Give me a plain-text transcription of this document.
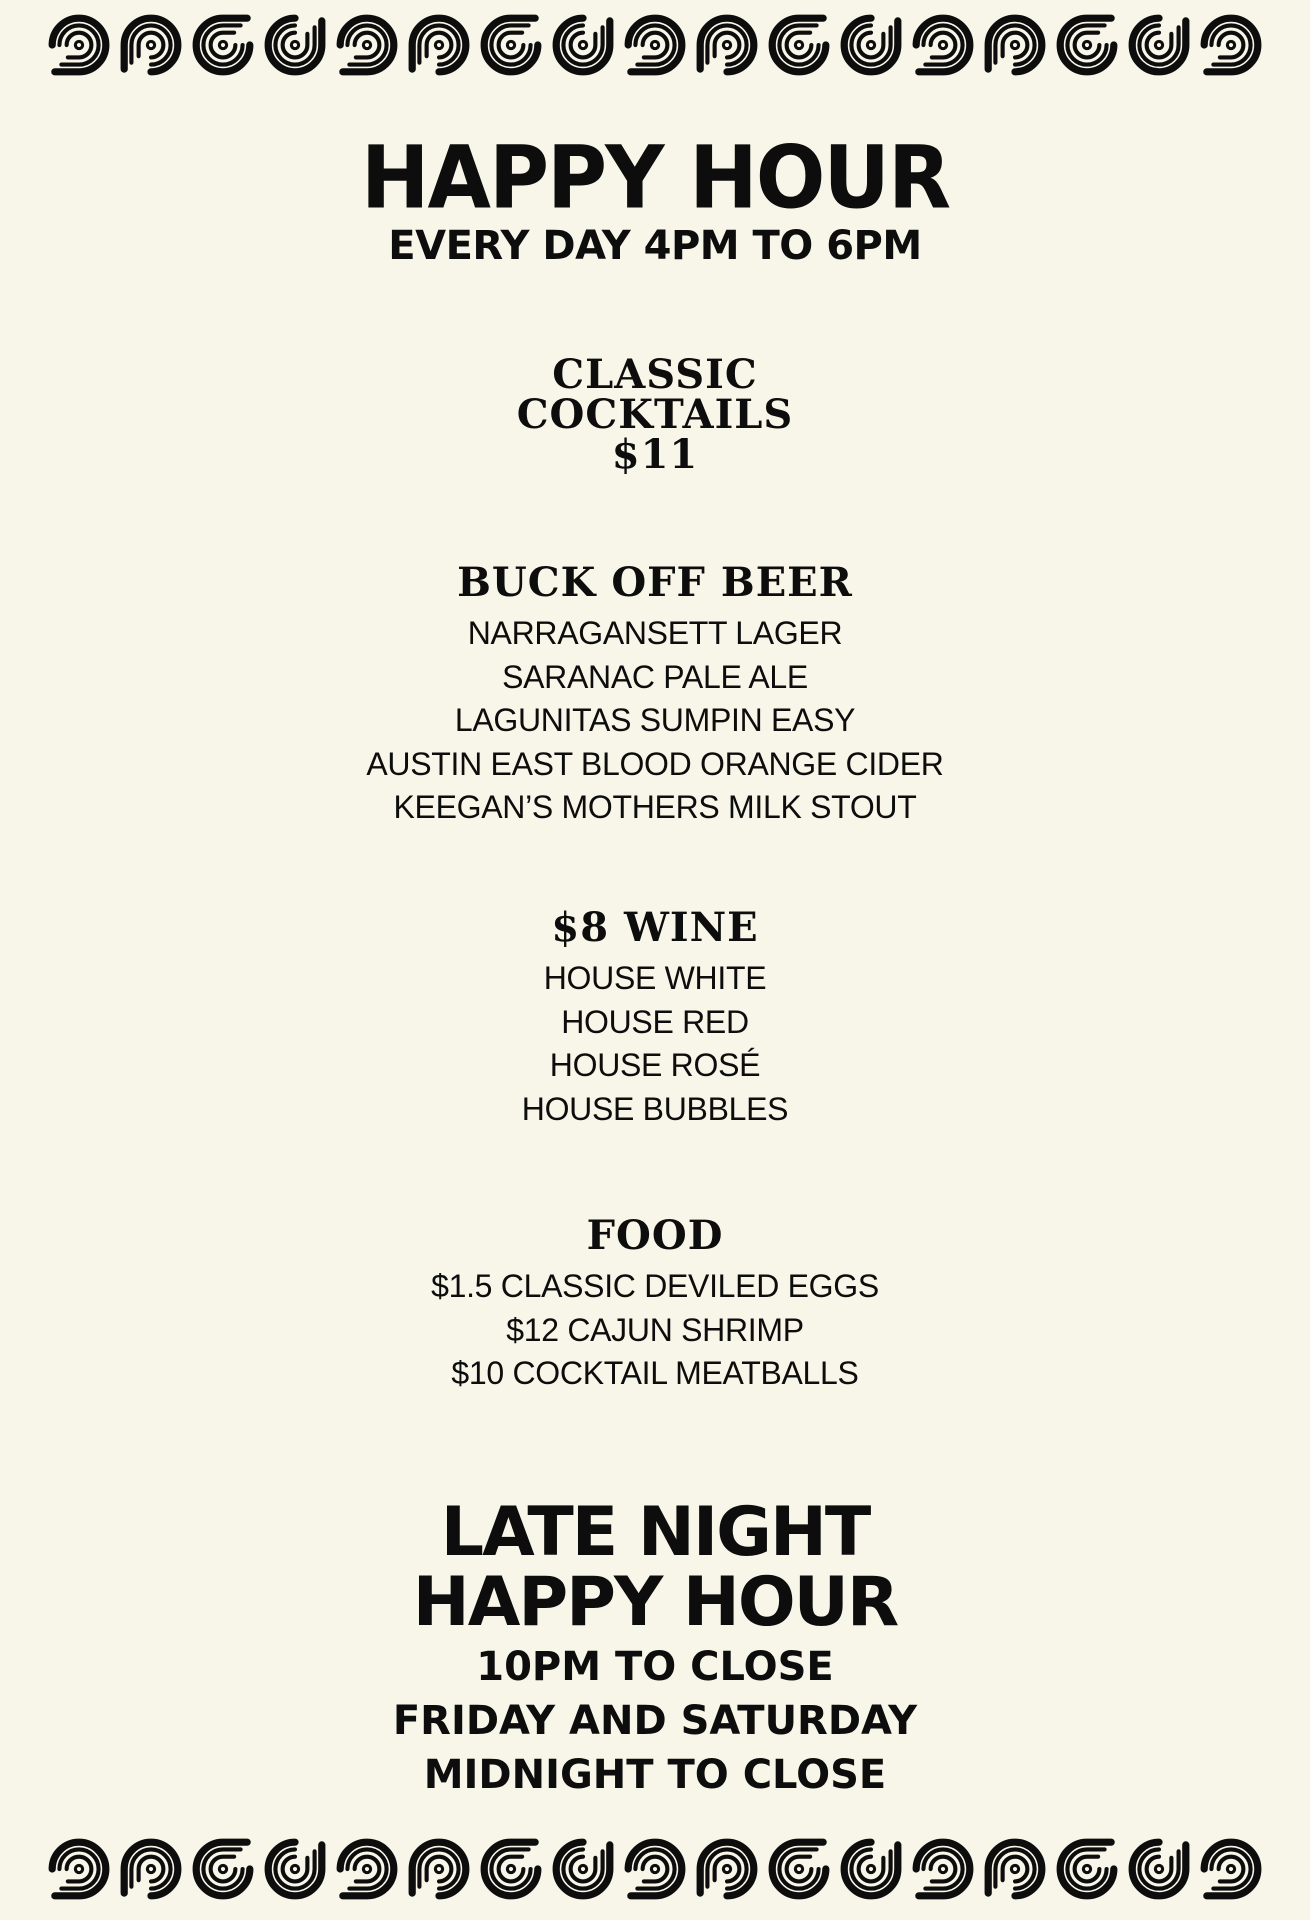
HAPPY HOUR
EVERY DAY 4PM TO 6PM
CLASSIC
COCKTAILS
$11
BUCK OFF BEER
NARRAGANSETT LAGER
SARANAC PALE ALE
LAGUNITAS SUMPIN EASY
AUSTIN EAST BLOOD ORANGE CIDER
KEEGAN’S MOTHERS MILK STOUT
$8 WINE
HOUSE WHITE
HOUSE RED
HOUSE ROSÉ
HOUSE BUBBLES
FOOD
$1.5 CLASSIC DEVILED EGGS
$12 CAJUN SHRIMP
$10 COCKTAIL MEATBALLS
LATE NIGHT
HAPPY HOUR
10PM TO CLOSE
FRIDAY AND SATURDAY
MIDNIGHT TO CLOSE
